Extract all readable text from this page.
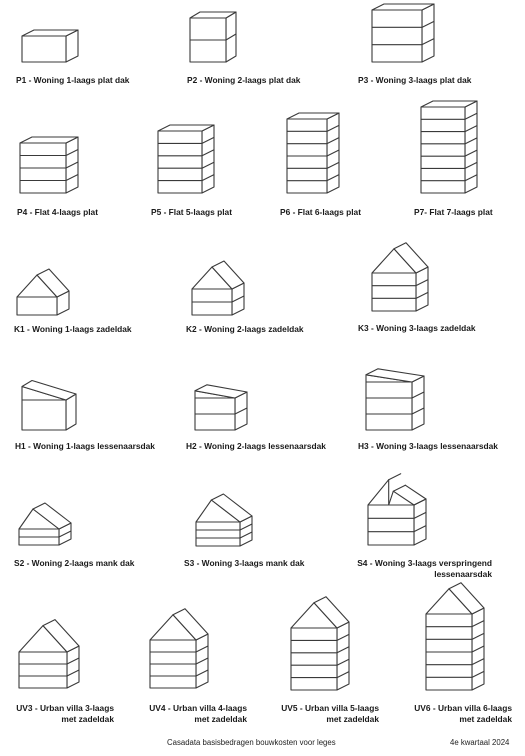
P1 - Woning 1-laags plat dak	P2 - Woning 2-laags plat dak	P3 - Woning 3-laags plat dak
P4 - Flat 4-laags plat	P5 - Flat 5-laags plat	P6 - Flat 6-laags plat	P7- Flat 7-laags plat
K1 - Woning 1-laags zadeldak	K2 - Woning 2-laags zadeldak	K3 - Woning 3-laags zadeldak
H1 - Woning 1-laags lessenaarsdak	H2 - Woning 2-laags lessenaarsdak	H3 - Woning 3-laags lessenaarsdak
S2 - Woning 2-laags mank dak	S3 - Woning 3-laags mank dak	S4 - Woning 3-laags verspringend
lessenaarsdak
UV3 - Urban villa 3-laags
met zadeldak
UV4 - Urban villa 4-laags
met zadeldak
UV5 - Urban villa 5-laags
met zadeldak
UV6 - Urban villa 6-laags
met zadeldak
Casadata basisbedragen bouwkosten voor leges	4e kwartaal 2024
